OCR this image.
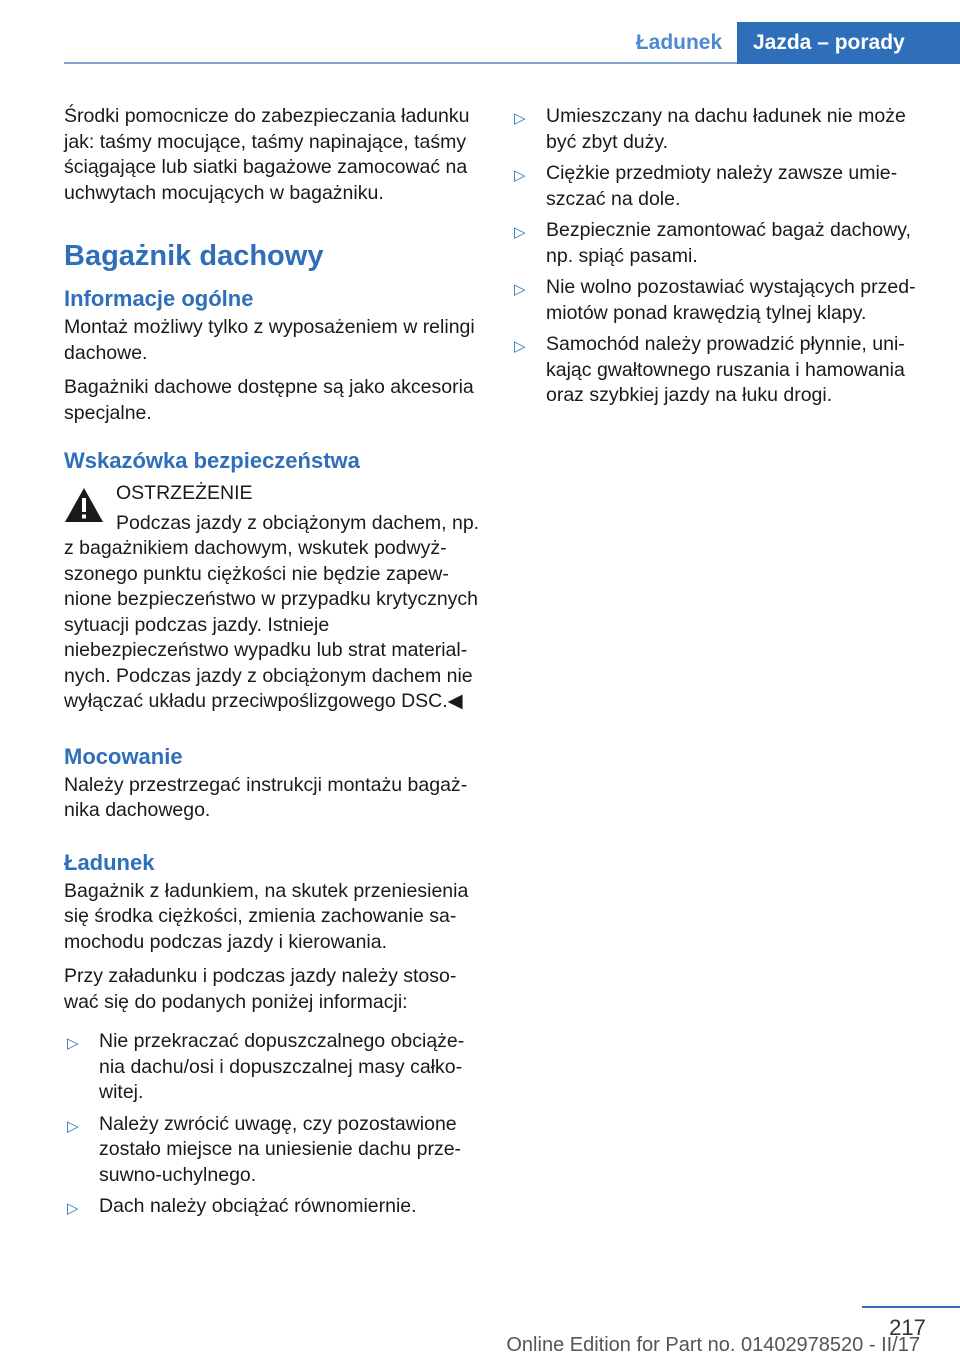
Ładunek	Jazda – porady

Środki pomocnicze do zabezpieczania ładunku jak: taśmy mocujące, taśmy napinające, taśmy ściągające lub siatki bagażowe zamocować na uchwytach mocujących w bagażniku.

Bagażnik dachowy
Informacje ogólne

Montaż możliwy tylko z wyposażeniem w relingi dachowe.

Bagażniki dachowe dostępne są jako akcesoria specjalne.

Wskazówka bezpieczeństwa

OSTRZEŻENIE

Podczas jazdy z obciążonym dachem, np.

z bagażnikiem dachowym, wskutek podwyższonego punktu ciężkości nie będzie zapewnione bezpieczeństwo w przypadku krytycznych sytuacji podczas jazdy. Istnieje niebezpieczeństwo wypadku lub strat materialnych. Podczas jazdy z obciążonym dachem nie wyłączać układu przeciwpoślizgowego DSC.◀

Mocowanie

Należy przestrzegać instrukcji montażu bagażnika dachowego.

Ładunek

Bagażnik z ładunkiem, na skutek przeniesienia się środka ciężkości, zmienia zachowanie samochodu podczas jazdy i kierowania.

Przy załadunku i podczas jazdy należy stosować się do podanych poniżej informacji:

▷ Nie przekraczać dopuszczalnego obciążenia dachu/osi i dopuszczalnej masy całkowitej.
▷ Należy zwrócić uwagę, czy pozostawione zostało miejsce na uniesienie dachu przesuwno-uchylnego.
▷ Dach należy obciążać równomiernie.
▷ Umieszczany na dachu ładunek nie może być zbyt duży.
▷ Ciężkie przedmioty należy zawsze umieszczać na dole.
▷ Bezpiecznie zamontować bagaż dachowy, np. spiąć pasami.
▷ Nie wolno pozostawiać wystających przedmiotów ponad krawędzią tylnej klapy.
▷ Samochód należy prowadzić płynnie, unikając gwałtownego ruszania i hamowania oraz szybkiej jazdy na łuku drogi.
217
Online Edition for Part no. 01402978520 - II/17
